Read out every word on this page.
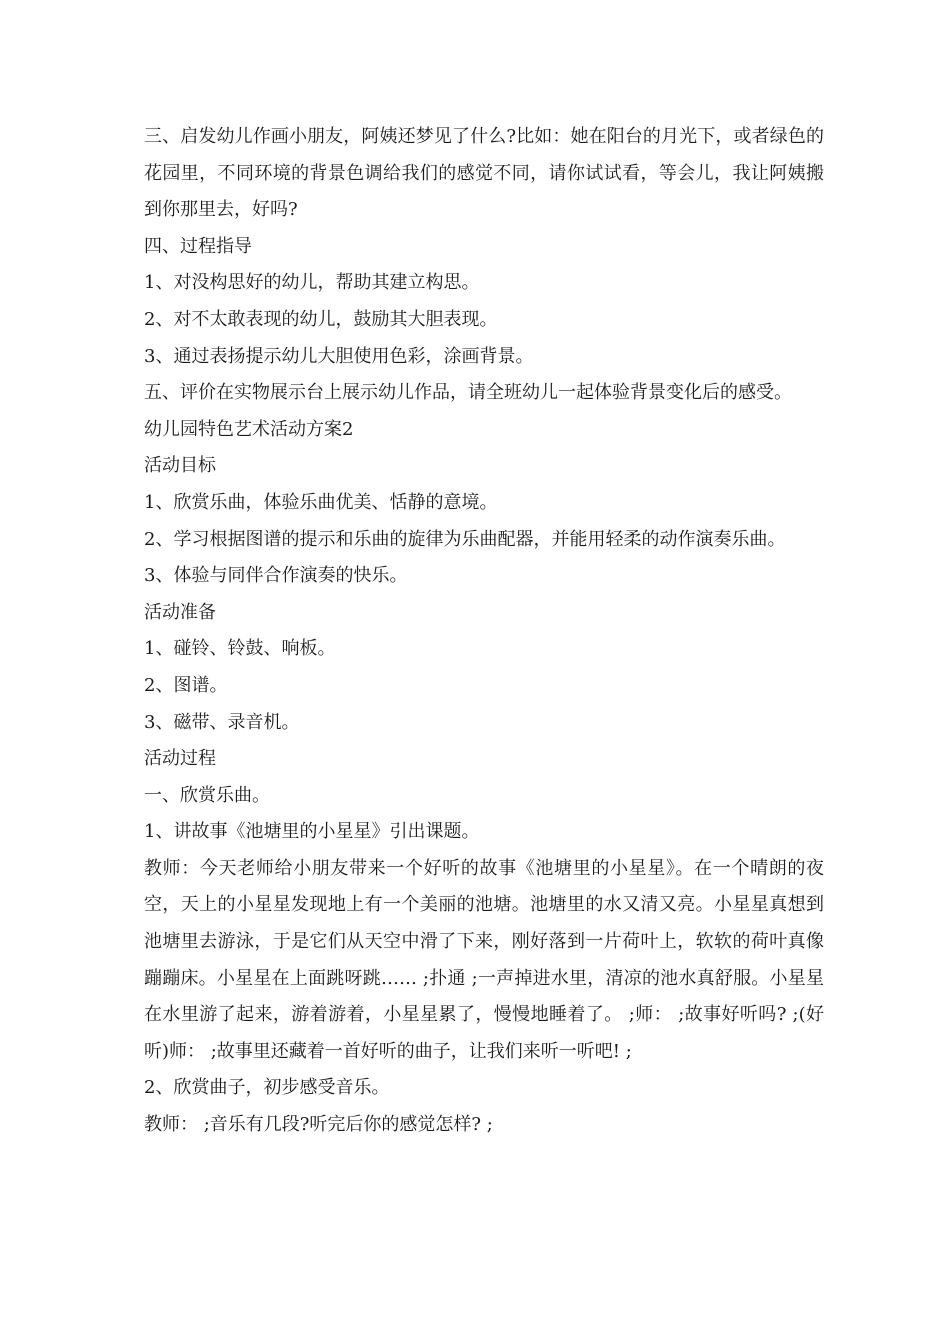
三、启发幼儿作画小朋友，阿姨还梦见了什么?比如：她在阳台的月光下，或者绿色的花园里，不同环境的背景色调给我们的感觉不同，请你试试看，等会儿，我让阿姨搬到你那里去，好吗?

四、过程指导

1、对没构思好的幼儿，帮助其建立构思。

2、对不太敢表现的幼儿，鼓励其大胆表现。

3、通过表扬提示幼儿大胆使用色彩，涂画背景。

五、评价在实物展示台上展示幼儿作品，请全班幼儿一起体验背景变化后的感受。

幼儿园特色艺术活动方案2

活动目标

1、欣赏乐曲，体验乐曲优美、恬静的意境。

2、学习根据图谱的提示和乐曲的旋律为乐曲配器，并能用轻柔的动作演奏乐曲。

3、体验与同伴合作演奏的快乐。

活动准备

1、碰铃、铃鼓、响板。

2、图谱。

3、磁带、录音机。

活动过程

一、欣赏乐曲。

1、讲故事《池塘里的小星星》引出课题。

教师：今天老师给小朋友带来一个好听的故事《池塘里的小星星》。在一个晴朗的夜空，天上的小星星发现地上有一个美丽的池塘。池塘里的水又清又亮。小星星真想到池塘里去游泳，于是它们从天空中滑了下来，刚好落到一片荷叶上，软软的荷叶真像蹦蹦床。小星星在上面跳呀跳…… ;扑通 ;一声掉进水里，清凉的池水真舒服。小星星在水里游了起来，游着游着，小星星累了，慢慢地睡着了。 ;师： ;故事好听吗? ;(好听)师： ;故事里还藏着一首好听的曲子，让我们来听一听吧! ;

2、欣赏曲子，初步感受音乐。

教师： ;音乐有几段?听完后你的感觉怎样? ;
